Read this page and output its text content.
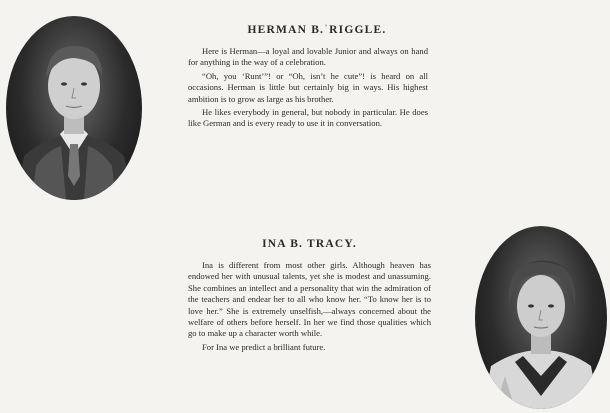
HERMAN B.ˈRIGGLE.

Here is Herman—a loyal and lovable Junior and always on hand for anything in the way of a celebration.

“Oh, you ‘Runt’”! or “Oh, isn’t he cute”! is heard on all occasions. Herman is little but certainly big in ways. His highest ambition is to grow as large as his brother.

He likes everybody in general, but nobody in particular. He does like German and is every ready to use it in conversation.

INA B. TRACY.

Ina is different from most other girls. Although heaven has endowed her with unusual talents, yet she is modest and unassuming. She combines an intellect and a personality that win the admiration of the teachers and endear her to all who know her. “To know her is to love her.” She is extremely unselfish,—always concerned about the welfare of others before herself. In her we find those qualities which go to make up a character worth while.

For Ina we predict a brilliant future.
